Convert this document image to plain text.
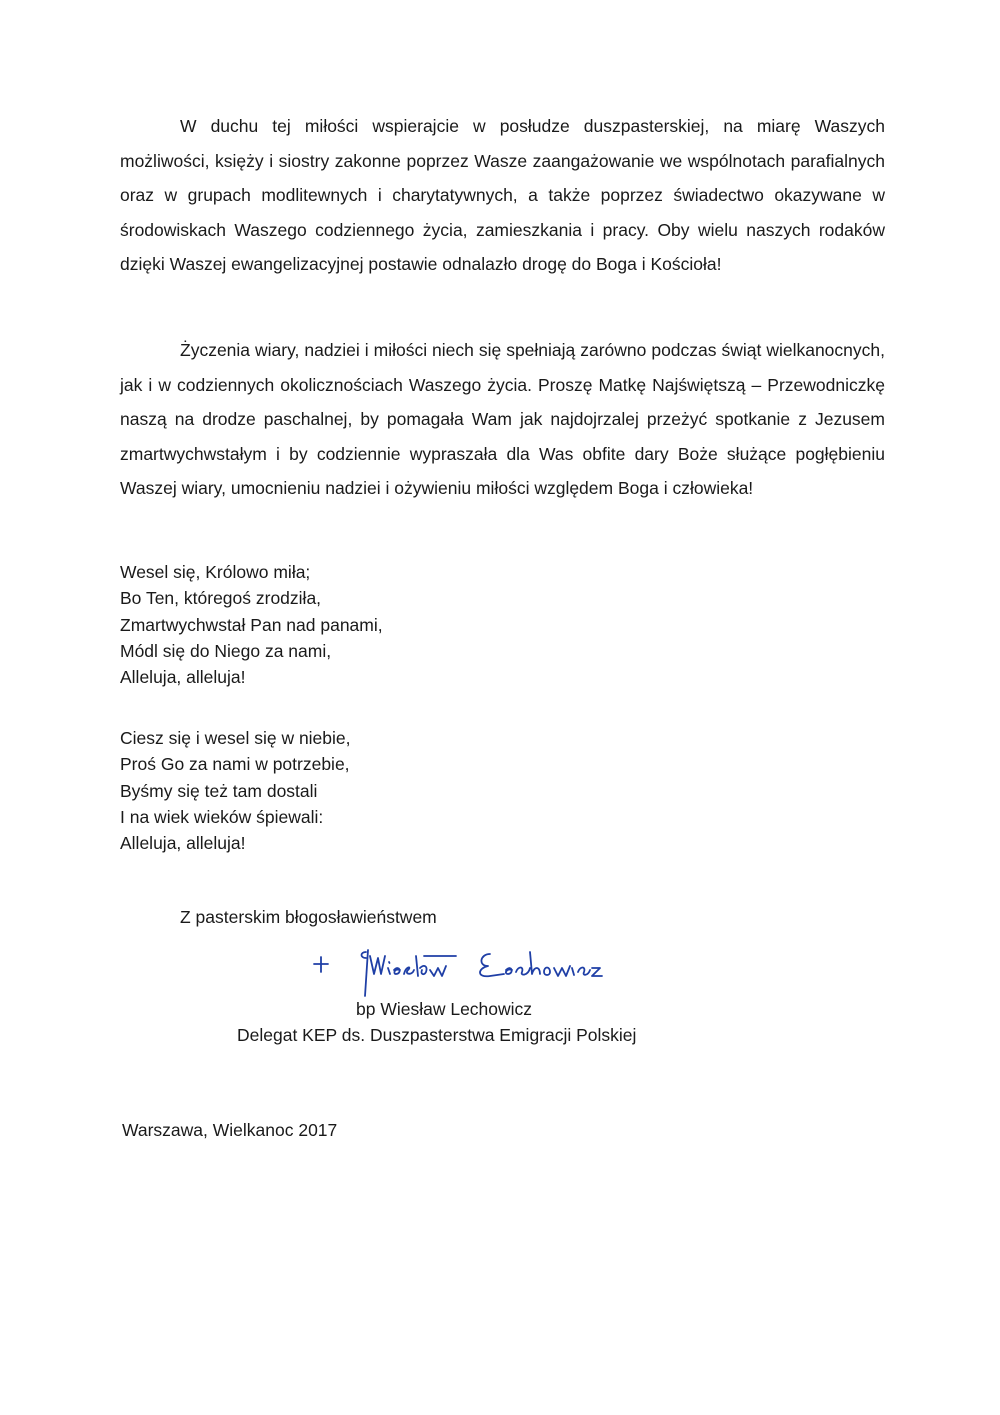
W duchu tej miłości wspierajcie w posłudze duszpasterskiej, na miarę Waszych możliwości, księży i siostry zakonne poprzez Wasze zaangażowanie we wspólnotach parafialnych oraz w grupach modlitewnych i charytatywnych, a także poprzez świadectwo okazywane w środowiskach Waszego codziennego życia, zamieszkania i pracy. Oby wielu naszych rodaków dzięki Waszej ewangelizacyjnej postawie odnalazło drogę do Boga i Kościoła!

Życzenia wiary, nadziei i miłości niech się spełniają zarówno podczas świąt wielkanocnych, jak i w codziennych okolicznościach Waszego życia. Proszę Matkę Najświętszą – Przewodniczkę naszą na drodze paschalnej, by pomagała Wam jak najdojrzalej przeżyć spotkanie z Jezusem zmartwychwstałym i by codziennie wypraszała dla Was obfite dary Boże służące pogłębieniu Waszej wiary, umocnieniu nadziei i ożywieniu miłości względem Boga i człowieka!

Wesel się, Królowo miła;
Bo Ten, któregoś zrodziła,
Zmartwychwstał Pan nad panami,
Módl się do Niego za nami,
Alleluja, alleluja!
Ciesz się i wesel się w niebie,
Proś Go za nami w potrzebie,
Byśmy się też tam dostali
I na wiek wieków śpiewali:
Alleluja, alleluja!
Z pasterskim błogosławieństwem
bp Wiesław Lechowicz
Delegat KEP ds. Duszpasterstwa Emigracji Polskiej
Warszawa, Wielkanoc 2017
